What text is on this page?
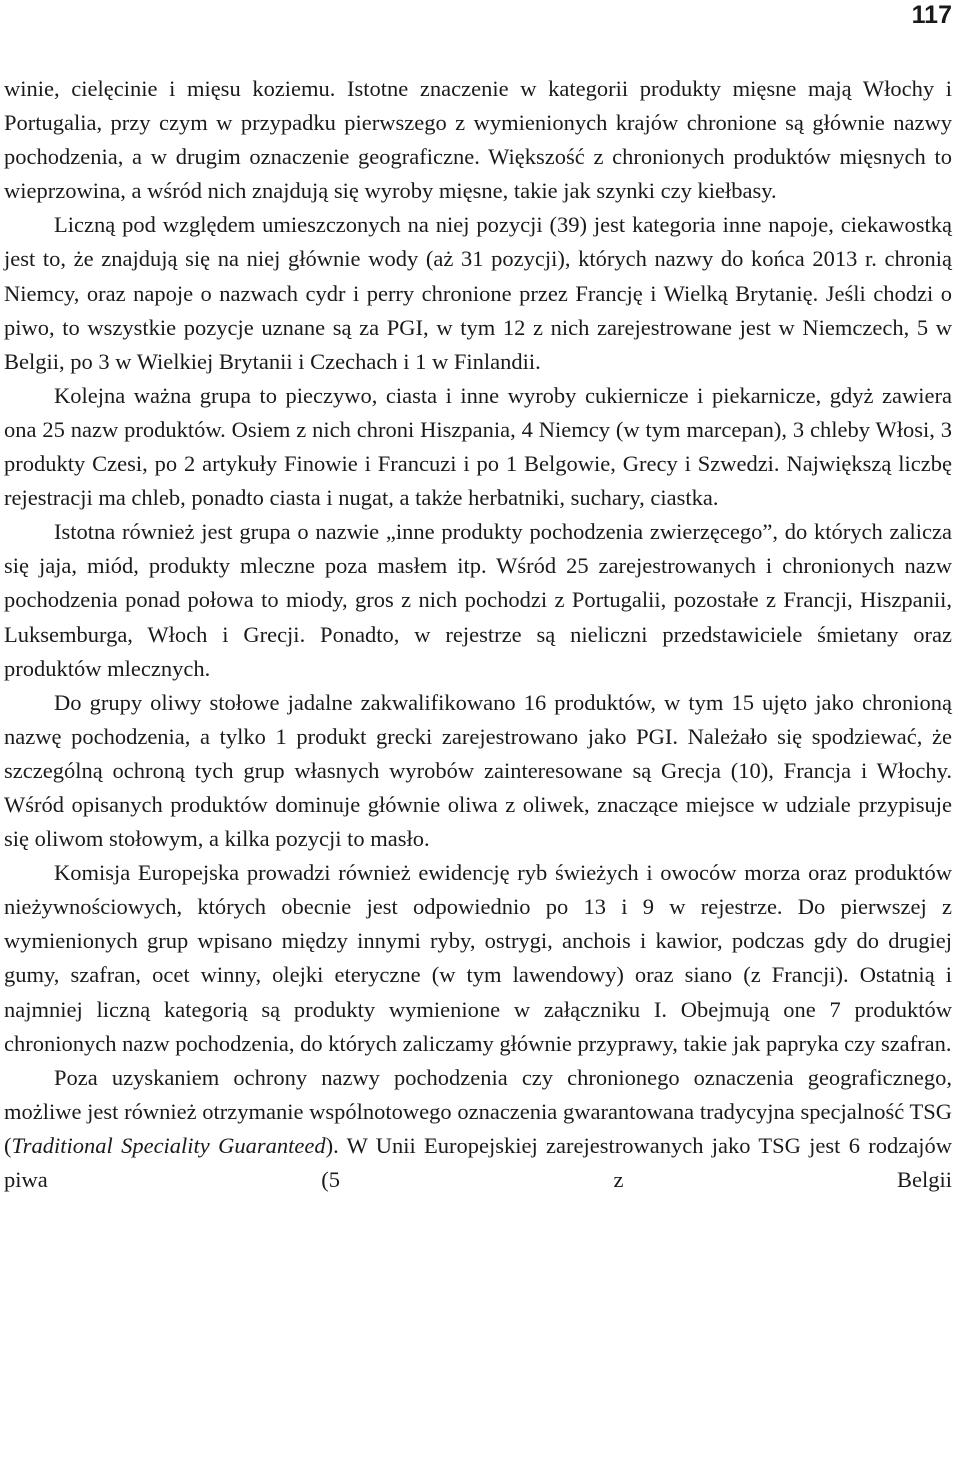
117

winie, cielęcinie i mięsu koziemu. Istotne znaczenie w kategorii produkty mięsne mają Włochy i Portugalia, przy czym w przypadku pierwszego z wymienionych krajów chronione są głównie nazwy pochodzenia, a w drugim oznaczenie geograficzne. Większość z chronionych produktów mięsnych to wieprzowina, a wśród nich znajdują się wyroby mięsne, takie jak szynki czy kiełbasy.

Liczną pod względem umieszczonych na niej pozycji (39) jest kategoria inne napoje, ciekawostką jest to, że znajdują się na niej głównie wody (aż 31 pozycji), których nazwy do końca 2013 r. chronią Niemcy, oraz napoje o nazwach cydr i perry chronione przez Francję i Wielką Brytanię. Jeśli chodzi o piwo, to wszystkie pozycje uznane są za PGI, w tym 12 z nich zarejestrowane jest w Niemczech, 5 w Belgii, po 3 w Wielkiej Brytanii i Czechach i 1 w Finlandii.

Kolejna ważna grupa to pieczywo, ciasta i inne wyroby cukiernicze i piekarnicze, gdyż zawiera ona 25 nazw produktów. Osiem z nich chroni Hiszpania, 4 Niemcy (w tym marcepan), 3 chleby Włosi, 3 produkty Czesi, po 2 artykuły Finowie i Francuzi i po 1 Belgowie, Grecy i Szwedzi. Największą liczbę rejestracji ma chleb, ponadto ciasta i nugat, a także herbatniki, suchary, ciastka.

Istotna również jest grupa o nazwie „inne produkty pochodzenia zwierzęcego”, do których zalicza się jaja, miód, produkty mleczne poza masłem itp. Wśród 25 zarejestrowanych i chronionych nazw pochodzenia ponad połowa to miody, gros z nich pochodzi z Portugalii, pozostałe z Francji, Hiszpanii, Luksemburga, Włoch i Grecji. Ponadto, w rejestrze są nieliczni przedstawiciele śmietany oraz produktów mlecznych.

Do grupy oliwy stołowe jadalne zakwalifikowano 16 produktów, w tym 15 ujęto jako chronioną nazwę pochodzenia, a tylko 1 produkt grecki zarejestrowano jako PGI. Należało się spodziewać, że szczególną ochroną tych grup własnych wyrobów zainteresowane są Grecja (10), Francja i Włochy. Wśród opisanych produktów dominuje głównie oliwa z oliwek, znaczące miejsce w udziale przypisuje się oliwom stołowym, a kilka pozycji to masło.

Komisja Europejska prowadzi również ewidencję ryb świeżych i owoców morza oraz produktów nieżywnościowych, których obecnie jest odpowiednio po 13 i 9 w rejestrze. Do pierwszej z wymienionych grup wpisano między innymi ryby, ostrygi, anchois i kawior, podczas gdy do drugiej gumy, szafran, ocet winny, olejki eteryczne (w tym lawendowy) oraz siano (z Francji). Ostatnią i najmniej liczną kategorią są produkty wymienione w załączniku I. Obejmują one 7 produktów chronionych nazw pochodzenia, do których zaliczamy głównie przyprawy, takie jak papryka czy szafran.

Poza uzyskaniem ochrony nazwy pochodzenia czy chronionego oznaczenia geograficznego, możliwe jest również otrzymanie wspólnotowego oznaczenia gwarantowana tradycyjna specjalność TSG (Traditional Speciality Guaranteed). W Unii Europejskiej zarejestrowanych jako TSG jest 6 rodzajów piwa (5 z Belgii
